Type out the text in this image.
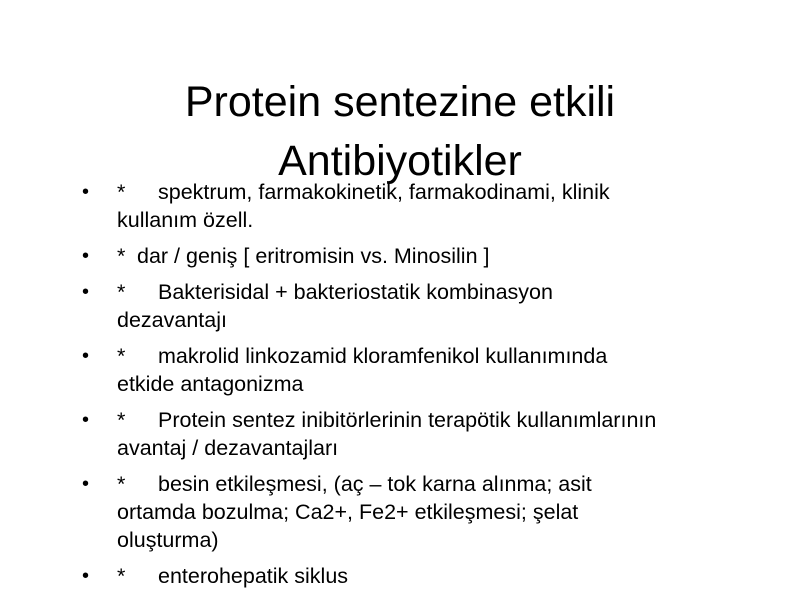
Protein sentezine etkili
Antibiyotikler
• * spektrum, farmakokinetik, farmakodinami, klinik
kullanım özell.
• * dar / geniş [ eritromisin vs. Minosilin ]
• * Bakterisidal + bakteriostatik kombinasyon
dezavantajı
• * makrolid linkozamid kloramfenikol kullanımında
etkide antagonizma
• * Protein sentez inibitörlerinin terapötik kullanımlarının
avantaj / dezavantajları
• * besin etkileşmesi, (aç – tok karna alınma; asit
ortamda bozulma; Ca2+, Fe2+ etkileşmesi; şelat
oluşturma)
• * enterohepatik siklus
